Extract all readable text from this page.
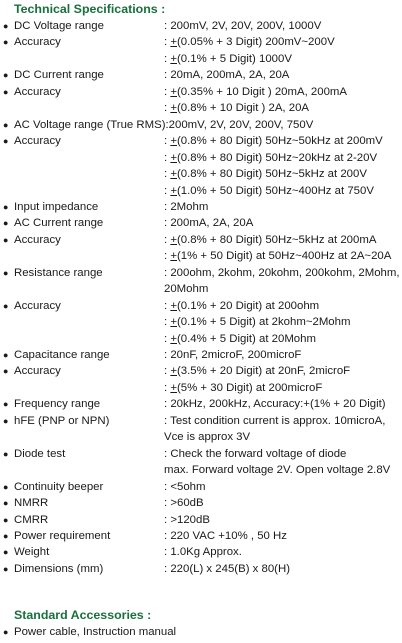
Technical Specifications :
● DC Voltage range	: 200mV, 2V, 20V, 200V, 1000V
● Accuracy	: +(0.05% + 3 Digit) 200mV~200V
: +(0.1% + 5 Digit) 1000V
● DC Current range	: 20mA, 200mA, 2A, 20A
● Accuracy	: +(0.35% + 10 Digit ) 20mA, 200mA
: +(0.8% + 10 Digit ) 2A, 20A
● AC Voltage range (True RMS):200mV, 2V, 20V, 200V, 750V
● Accuracy	: +(0.8% + 80 Digit) 50Hz~50kHz at 200mV
: +(0.8% + 80 Digit) 50Hz~20kHz at 2-20V
: +(0.8% + 80 Digit) 50Hz~5kHz at 200V
: +(1.0% + 50 Digit) 50Hz~400Hz at 750V
● Input impedance	: 2Mohm
● AC Current range	: 200mA, 2A, 20A
● Accuracy	: +(0.8% + 80 Digit) 50Hz~5kHz at 200mA
: +(1% + 50 Digit) at 50Hz~400Hz at 2A~20A
● Resistance range	: 200ohm, 2kohm, 20kohm, 200kohm, 2Mohm,
20Mohm
● Accuracy	: +(0.1% + 20 Digit) at 200ohm
: +(0.1% + 5 Digit) at 2kohm~2Mohm
: +(0.4% + 5 Digit) at 20Mohm
● Capacitance range	: 20nF, 2microF, 200microF
● Accuracy	: +(3.5% + 20 Digit) at 20nF, 2microF
: +(5% + 30 Digit) at 200microF
● Frequency range	: 20kHz, 200kHz, Accuracy:+(1% + 20 Digit)
● hFE (PNP or NPN)	: Test condition current is approx. 10microA,
Vce is approx 3V
● Diode test	: Check the forward voltage of diode
max. Forward voltage 2V. Open voltage 2.8V
● Continuity beeper	: <5ohm
● NMRR	: >60dB
● CMRR	: >120dB
● Power requirement	: 220 VAC +10% , 50 Hz
● Weight	: 1.0Kg Approx.
● Dimensions (mm)	: 220(L) x 245(B) x 80(H)
Standard Accessories :
● Power cable, Instruction manual
